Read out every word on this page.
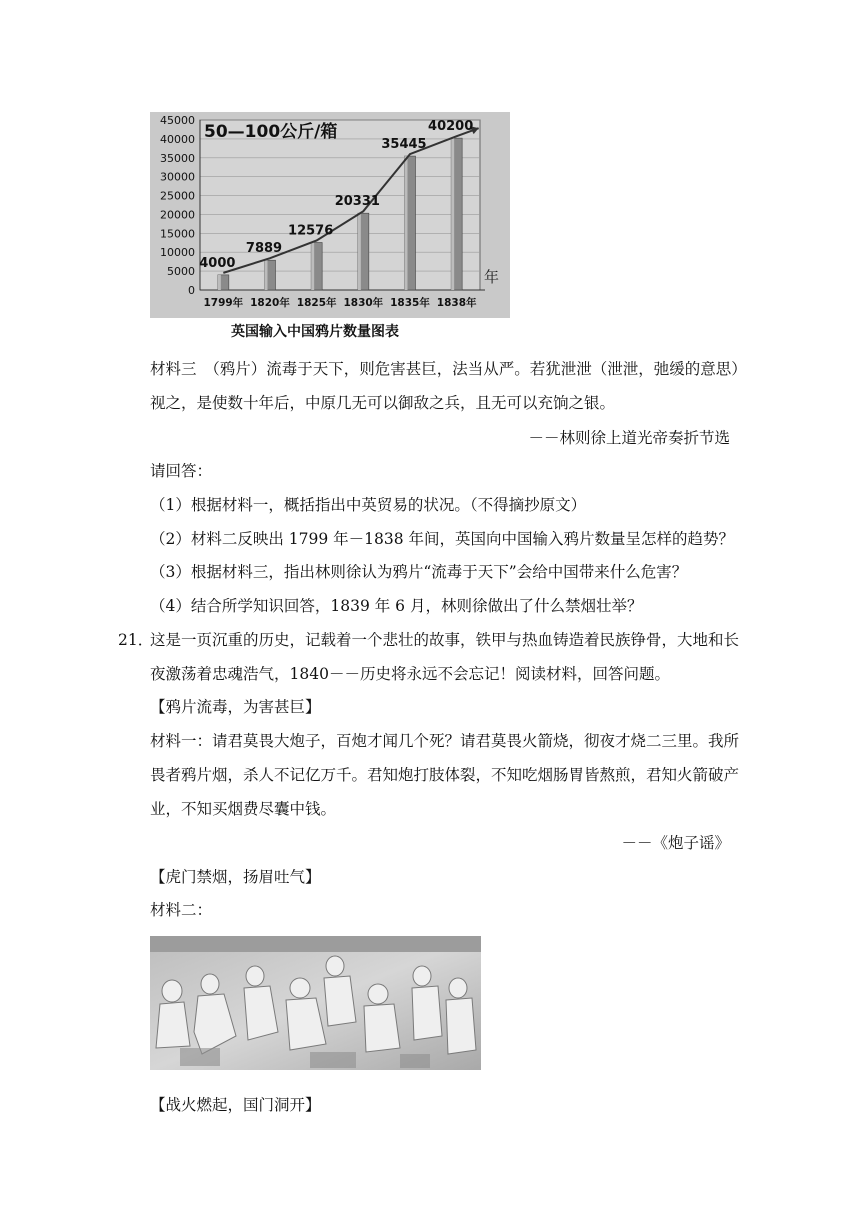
0
5000
10000
15000
20000
25000
30000
35000
40000
45000
1799年
4000
1820年
7889
1825年
12576
1830年
20331
1835年
35445
1838年
40200
50—100公斤/箱
年
英国输入中国鸦片数量图表
材料三　（鸦片）流毒于天下，则危害甚巨，法当从严。若犹泄泄（泄泄，弛缓的意思）
视之，是使数十年后，中原几无可以御敌之兵，且无可以充饷之银。
－－林则徐上道光帝奏折节选
请回答：
（1）根据材料一，概括指出中英贸易的状况。（不得摘抄原文）
（2）材料二反映出 1799 年－1838 年间，英国向中国输入鸦片数量呈怎样的趋势？
（3）根据材料三，指出林则徐认为鸦片“流毒于天下”会给中国带来什么危害？
（4）结合所学知识回答，1839 年 6 月，林则徐做出了什么禁烟壮举？
21．
这是一页沉重的历史，记载着一个悲壮的故事，铁甲与热血铸造着民族铮骨，大地和长
夜激荡着忠魂浩气，1840－－历史将永远不会忘记！阅读材料，回答问题。
【鸦片流毒，为害甚巨】
材料一：请君莫畏大炮子，百炮才闻几个死？请君莫畏火箭烧，彻夜才烧二三里。我所
畏者鸦片烟，杀人不记亿万千。君知炮打肢体裂，不知吃烟肠胃皆熬煎，君知火箭破产
业，不知买烟费尽囊中钱。
－－《炮子谣》
【虎门禁烟，扬眉吐气】
材料二：
【战火燃起，国门洞开】
